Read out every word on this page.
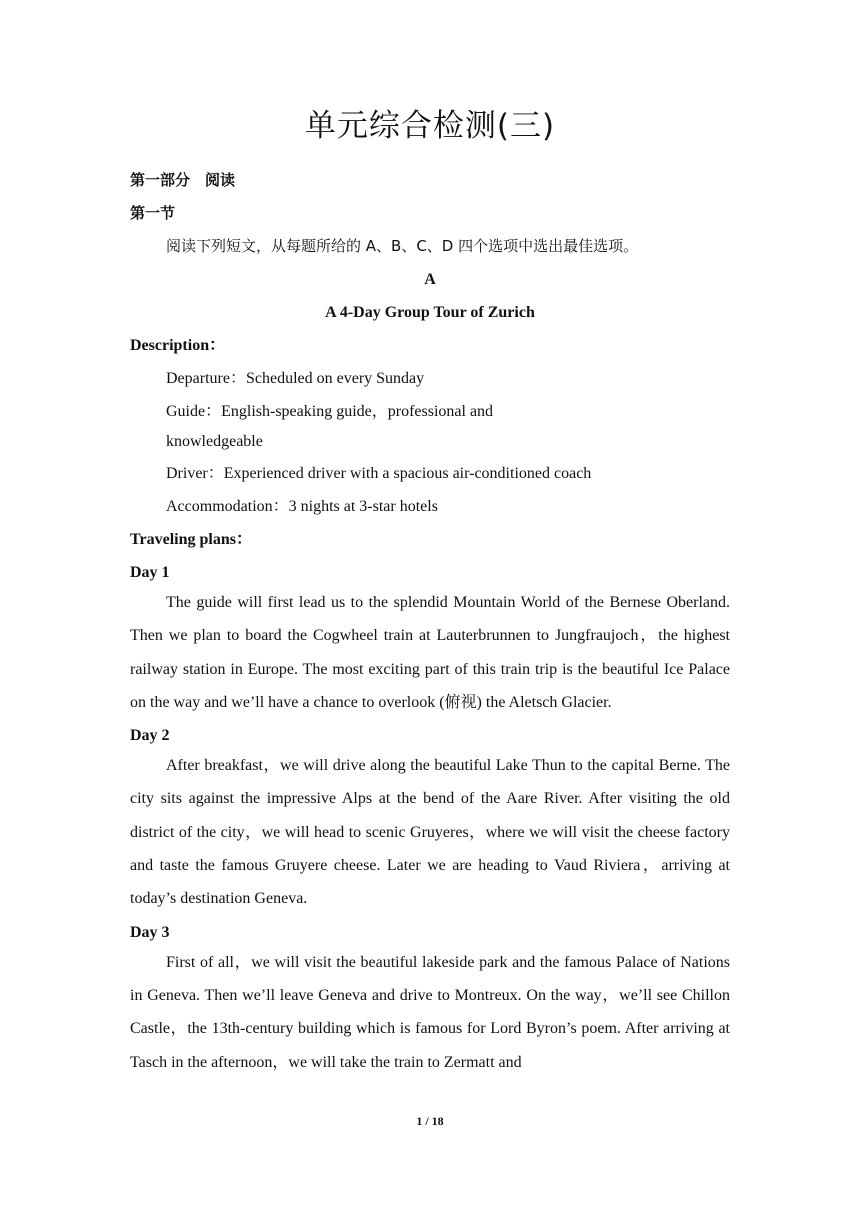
单元综合检测(三)
第一部分　阅读
第一节
阅读下列短文，从每题所给的 A、B、C、D 四个选项中选出最佳选项。
A
A 4-Day Group Tour of Zurich
Description：
Departure：Scheduled on every Sunday
Guide：English-speaking guide，professional and
knowledgeable
Driver：Experienced driver with a spacious air-conditioned coach
Accommodation：3 nights at 3-star hotels
Traveling plans：
Day 1

The guide will first lead us to the splendid Mountain World of the Bernese Oberland. Then we plan to board the Cogwheel train at Lauterbrunnen to Jungfraujoch，the highest railway station in Europe. The most exciting part of this train trip is the beautiful Ice Palace on the way and we’ll have a chance to overlook (俯视) the Aletsch Glacier.

Day 2

After breakfast，we will drive along the beautiful Lake Thun to the capital Berne. The city sits against the impressive Alps at the bend of the Aare River. After visiting the old district of the city，we will head to scenic Gruyeres，where we will visit the cheese factory and taste the famous Gruyere cheese. Later we are heading to Vaud Riviera，arriving at today’s destination Geneva.

Day 3

First of all，we will visit the beautiful lakeside park and the famous Palace of Nations in Geneva. Then we’ll leave Geneva and drive to Montreux. On the way，we’ll see Chillon Castle，the 13th-century building which is famous for Lord Byron’s poem. After arriving at Tasch in the afternoon，we will take the train to Zermatt and

1 / 18
